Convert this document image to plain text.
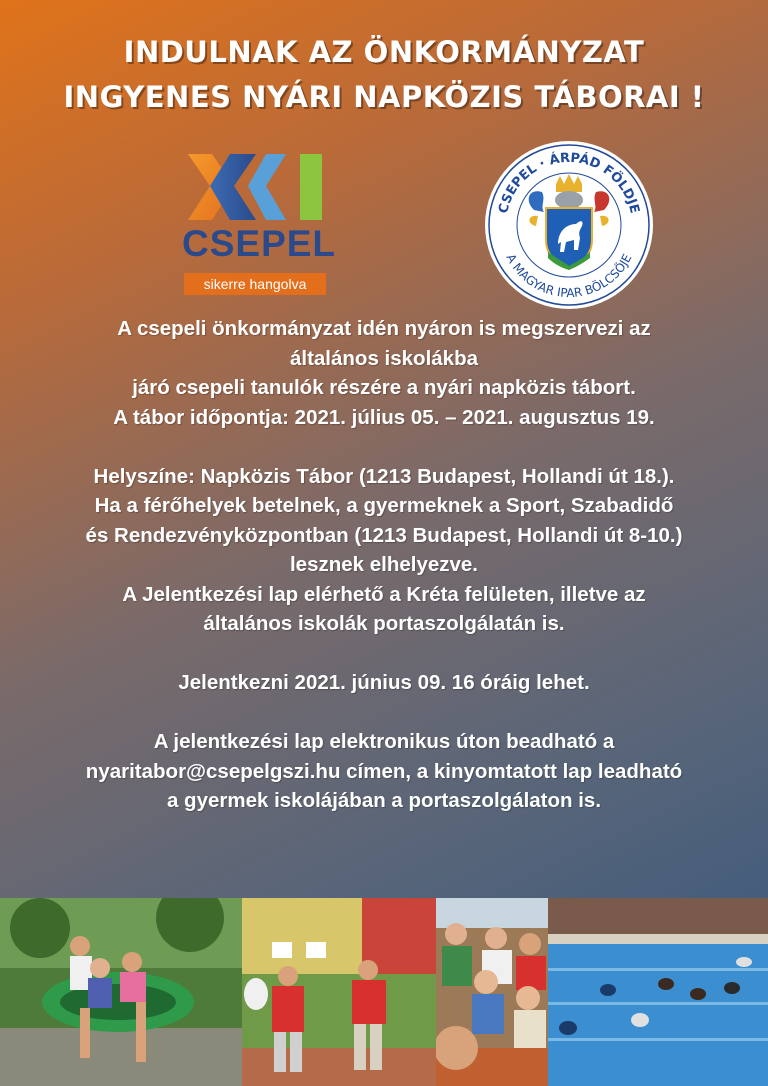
INDULNAK AZ ÖNKORMÁNYZAT
INGYENES NYÁRI NAPKÖZIS TÁBORAI !
CSEPEL
sikerre hangolva
CSEPEL · ÁRPÁD FÖLDJE
A MAGYAR IPAR BÖLCSŐJE
A csepeli önkormányzat idén nyáron is megszervezi az
általános iskolákba
járó csepeli tanulók részére a nyári napközis tábort.
A tábor időpontja: 2021. július 05. – 2021. augusztus 19.
Helyszíne: Napközis Tábor (1213 Budapest, Hollandi út 18.).
Ha a férőhelyek betelnek, a gyermeknek a Sport, Szabadidő
és Rendezvényközpontban (1213 Budapest, Hollandi út 8-10.)
lesznek elhelyezve.
A Jelentkezési lap elérhető a Kréta felületen, illetve az
általános iskolák portaszolgálatán is.
Jelentkezni 2021. június 09. 16 óráig lehet.
A jelentkezési lap elektronikus úton beadható a
nyaritabor@csepelgszi.hu címen, a kinyomtatott lap leadható
a gyermek iskolájában a portaszolgálaton is.
